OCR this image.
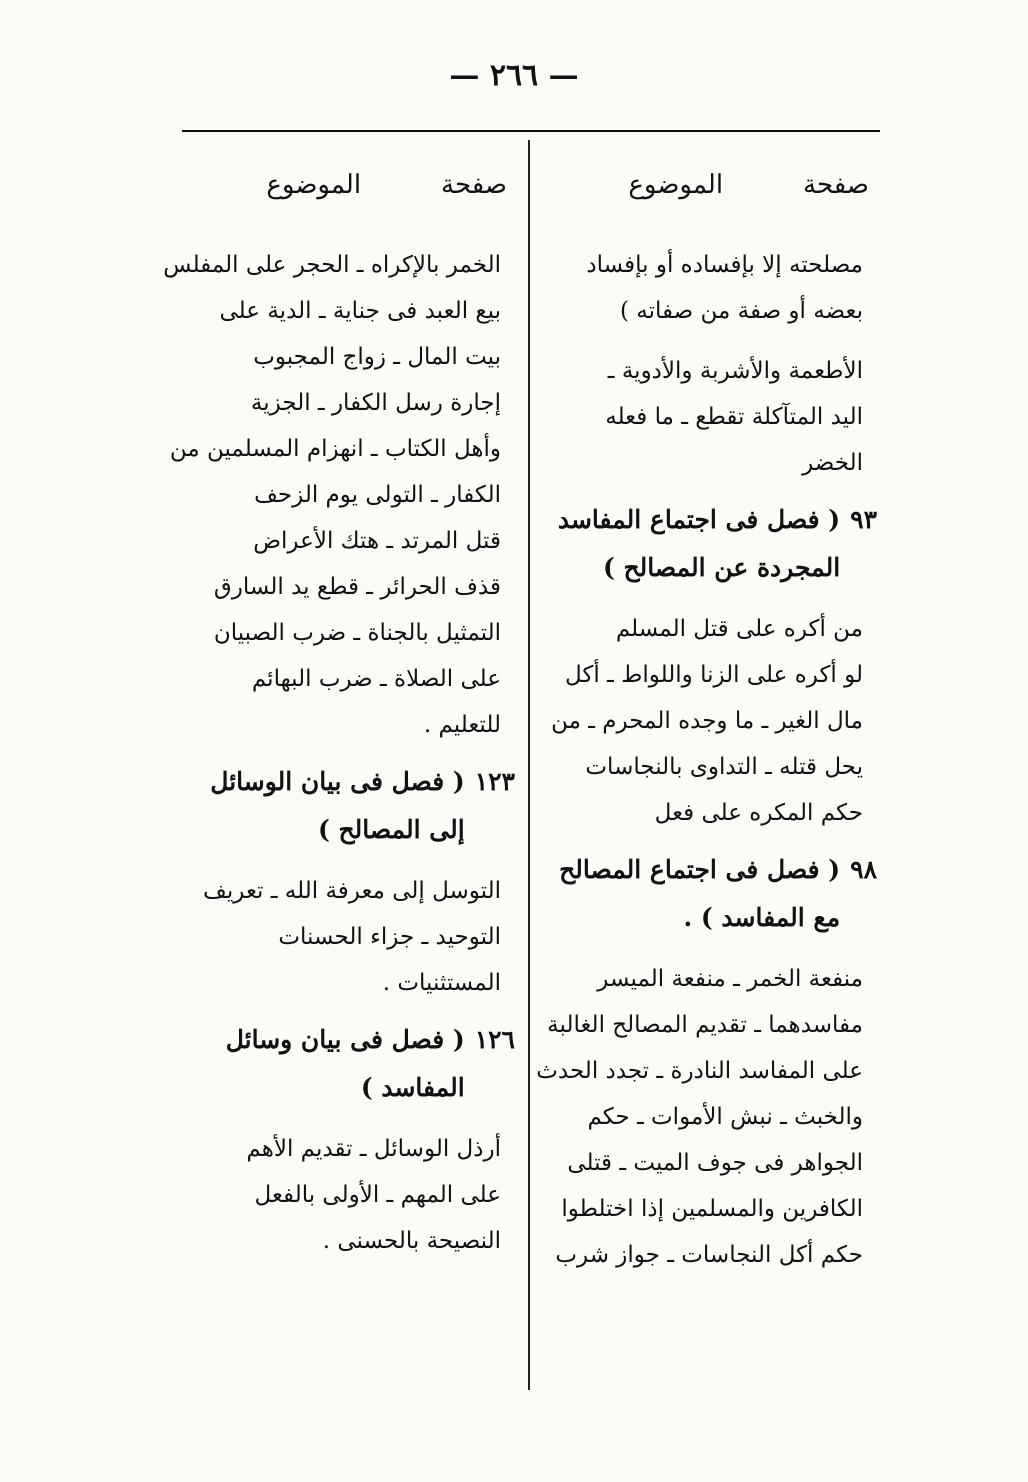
— ٢٦٦ —
صفحة
الموضوع
مصلحته إلا بإفساده أو بإفساد
بعضه أو صفة من صفاته )
الأطعمة والأشربة والأدوية ـ
اليد المتآكلة تقطع ـ ما فعله
الخضر
٩٣
( فصل فى اجتماع المفاسد المجردة عن المصالح )
من أكره على قتل المسلم
لو أكره على الزنا واللواط ـ أكل
مال الغير ـ ما وجده المحرم ـ من
يحل قتله ـ التداوى بالنجاسات
حكم المكره على فعل
٩٨
( فصل فى اجتماع المصالح مع المفاسد ) .
منفعة الخمر ـ منفعة الميسر
مفاسدهما ـ تقديم المصالح الغالبة
على المفاسد النادرة ـ تجدد الحدث
والخبث ـ نبش الأموات ـ حكم
الجواهر فى جوف الميت ـ قتلى
الكافرين والمسلمين إذا اختلطوا
حكم أكل النجاسات ـ جواز شرب
صفحة
الموضوع
الخمر بالإكراه ـ الحجر على المفلس
بيع العبد فى جناية ـ الدية على
بيت المال ـ زواج المجبوب
إجارة رسل الكفار ـ الجزية
وأهل الكتاب ـ انهزام المسلمين من
الكفار ـ التولى يوم الزحف
قتل المرتد ـ هتك الأعراض
قذف الحرائر ـ قطع يد السارق
التمثيل بالجناة ـ ضرب الصبيان
على الصلاة ـ ضرب البهائم
للتعليم .
١٢٣
( فصل فى بيان الوسائل إلى المصالح )
التوسل إلى معرفة الله ـ تعريف
التوحيد ـ جزاء الحسنات
المستثنيات .
١٢٦
( فصل فى بيان وسائل المفاسد )
أرذل الوسائل ـ تقديم الأهم
على المهم ـ الأولى بالفعل
النصيحة بالحسنى .
